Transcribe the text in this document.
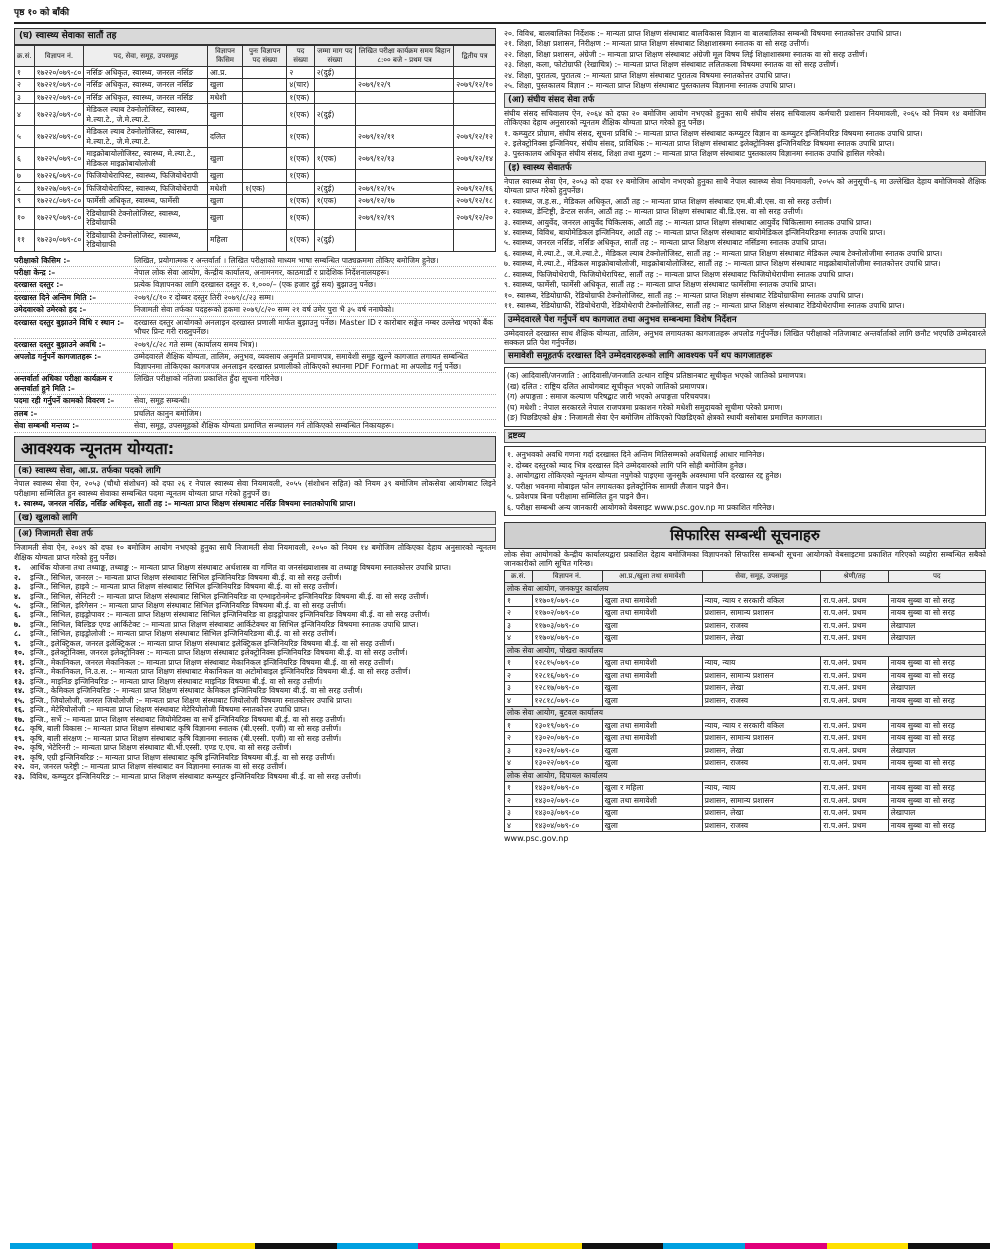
पृष्ठ १० को बाँकी
(घ) स्वास्थ्य सेवाका सातौं तह
क्र.सं.	विज्ञापन नं.	पद, सेवा, समूह, उपसमूह	विज्ञापन किसिम	पुनः विज्ञापन पद संख्या	पद संख्या	जम्मा माग पद संख्या	लिखित परीक्षा कार्यक्रम समय बिहान ८:०० बजे - प्रथम पत्र	द्वितीय पत्र
१	१७२२०/०७९-८०	नर्सिङ अधिकृत, स्वास्थ्य, जनरल नर्सिङ	आ.प्र.		२	२(दुई)		
२	१७२२१/०७९-८०	नर्सिङ अधिकृत, स्वास्थ्य, जनरल नर्सिङ	खुला		४(चार)		२०७९/१२/९	२०७९/१२/१०
३	१७२२२/०७९-८०	नर्सिङ अधिकृत, स्वास्थ्य, जनरल नर्सिङ	मधेशी		१(एक)			
४	१७२२३/०७९-८०	मेडिकल ल्याब टेक्नोलोजिस्ट, स्वास्थ्य, मे.ल्या.टे., जे.मे.ल्या.टे.	खुला		१(एक)	२(दुई)		
५	१७२२४/०७९-८०	मेडिकल ल्याब टेक्नोलोजिस्ट, स्वास्थ्य, मे.ल्या.टे., जे.मे.ल्या.टे.	दलित		१(एक)		२०७९/१२/११	२०७९/१२/१२
६	१७२२५/०७९-८०	माइक्रोबायोलोजिस्ट, स्वास्थ्य, मे.ल्या.टे., मेडिकल माइक्रोबायोलोजी	खुला		१(एक)	१(एक)	२०७९/१२/१३	२०७९/१२/१४
७	१७२२६/०७९-८०	फिजियोथेरापिस्ट, स्वास्थ्य, फिजियोथेरापी	खुला		१(एक)			
८	१७२२७/०७९-८०	फिजियोथेरापिस्ट, स्वास्थ्य, फिजियोथेरापी	मधेशी	१(एक)		२(दुई)	२०७९/१२/१५	२०७९/१२/१६
९	१७२२८/०७९-८०	फार्मेसी अधिकृत, स्वास्थ्य, फार्मेसी	खुला		१(एक)	१(एक)	२०७९/१२/१७	२०७९/१२/१८
१०	१७२२९/०७९-८०	रेडियोग्राफी टेक्नोलोजिस्ट, स्वास्थ्य, रेडियोग्राफी	खुला		१(एक)		२०७९/१२/१९	२०७९/१२/२०
११	१७२३०/०७९-८०	रेडियोग्राफी टेक्नोलोजिस्ट, स्वास्थ्य, रेडियोग्राफी	महिला		१(एक)	२(दुई)		
परीक्षाको किसिम :–	लिखित, प्रयोगात्मक र अन्तर्वार्ता । लिखित परीक्षाको माध्यम भाषा सम्बन्धित पाठ्यक्रममा तोकिए बमोजिम हुनेछ।
परीक्षा केन्द्र :–	नेपाल लोक सेवा आयोग, केन्द्रीय कार्यालय, अनामनगर, काठमाडौं र प्रादेशिक निर्देशनालयहरू।
दरखास्त दस्तुर :–	प्रत्येक विज्ञापनका लागि दरखास्त दस्तुर रु. १,०००/– (एक हजार दुई सय) बुझाउनु पर्नेछ।
दरखास्त दिने अन्तिम मिति :–	२०७९/८/१० र दोब्बर दस्तुर तिरी २०७९/८/२३ सम्म।
उमेदवारको उमेरको हद :–	निजामती सेवा तर्फका पदहरूको हकमा २०७९/८/२० सम्म २१ वर्ष उमेर पुरा भै ३५ वर्ष ननाघेको।
दरखास्त दस्तुर बुझाउने विधि र स्थान :–	दरखास्त दस्तुर आयोगको अनलाइन दरखास्त प्रणाली मार्फत बुझाउनु पर्नेछ। Master ID र कारोबार सङ्केत नम्बर उल्लेख भएको बैंक भौचर प्रिन्ट गरी राख्नुपर्नेछ।
दरखास्त दस्तुर बुझाउने अवधि :–	२०७९/८/२८ गते सम्म (कार्यालय समय भित्र)।
अपलोड गर्नुपर्ने कागजातहरू :–	उम्मेदवारले शैक्षिक योग्यता, तालिम, अनुभव, व्यवसाय अनुमति प्रमाणपत्र, समावेशी समूह खुल्ने कागजात लगायत सम्बन्धित विज्ञापनमा तोकिएका कागजपत्र अनलाइन दरखास्त प्रणालीको तोकिएको स्थानमा PDF Format मा अपलोड गर्नु पर्नेछ।
अन्तर्वार्ता अधिका परीक्षा कार्यक्रम र अन्तर्वार्ता हुने मिति :–
लिखित परीक्षाको नतिजा प्रकाशित हुँदा सूचना गरिनेछ।
पदमा रही गर्नुपर्ने कामको विवरण :–	सेवा, समूह सम्बन्धी।
तलब :–	प्रचलित कानुन बमोजिम।
सेवा सम्बन्धी मन्तव्य :–	सेवा, समूह, उपसमूहको शैक्षिक योग्यता प्रमाणित सञ्चालन गर्न तोकिएको सम्बन्धित निकायहरू।
आवश्यक न्यूनतम योग्यता:
(क) स्वास्थ्य सेवा, आ.प्र. तर्फका पदको लागि

नेपाल स्वास्थ्य सेवा ऐन, २०५३ (चौथो संशोधन) को दफा २६ र नेपाल स्वास्थ्य सेवा नियमावली, २०५५ (संशोधन सहित) को नियम ३९ बमोजिम लोकसेवा आयोगबाट लिइने परीक्षामा सम्मिलित हुन स्वास्थ्य सेवाका सम्बन्धित पदमा न्यूनतम योग्यता प्राप्त गरेको हुनुपर्ने छ।

१. स्वास्थ्य, जनरल नर्सिङ, नर्सिङ अधिकृत, सातौं तह :– मान्यता प्राप्त शिक्षण संस्थाबाट नर्सिङ विषयमा स्नातकोपाधि प्राप्त।

(ख) खुलाको लागि
(अ) निजामती सेवा तर्फ

निजामती सेवा ऐन, २०४९ को दफा १० बमोजिम आयोग नभएको हुनुका साथै निजामती सेवा नियमावली, २०५० को नियम १४ बमोजिम तोकिएका देहाय अनुसारको न्यूनतम शैक्षिक योग्यता प्राप्त गरेको हुनु पर्नेछ।

१.	आर्थिक योजना तथा तथ्याङ्क, तथ्याङ्क :– मान्यता प्राप्त शिक्षण संस्थाबाट अर्थशास्त्र वा गणित वा जनसंख्याशास्त्र वा तथ्याङ्क विषयमा स्नातकोत्तर उपाधि प्राप्त।
२.	इन्जि., सिभिल, जनरल :– मान्यता प्राप्त शिक्षण संस्थाबाट सिभिल इन्जिनियरिङ विषयमा बी.ई. वा सो सरह उत्तीर्ण।
३.	इन्जि., सिभिल, हाइवे :– मान्यता प्राप्त शिक्षण संस्थाबाट सिभिल इन्जिनियरिङ विषयमा बी.ई. वा सो सरह उत्तीर्ण।
४.	इन्जि., सिभिल, सेनिटरी :– मान्यता प्राप्त शिक्षण संस्थाबाट सिभिल इन्जिनियरिङ वा एन्भाइरोनमेन्ट इन्जिनियरिङ विषयमा बी.ई. वा सो सरह उत्तीर्ण।
५.	इन्जि., सिभिल, इरिगेसन :– मान्यता प्राप्त शिक्षण संस्थाबाट सिभिल इन्जिनियरिङ विषयमा बी.ई. वा सो सरह उत्तीर्ण।
६.	इन्जि., सिभिल, हाइड्रोपावर :– मान्यता प्राप्त शिक्षण संस्थाबाट सिभिल इन्जिनियरिङ वा हाइड्रोपावर इन्जिनियरिङ विषयमा बी.ई. वा सो सरह उत्तीर्ण।
७.	इन्जि., सिभिल, बिल्डिङ एण्ड आर्किटेक्ट :– मान्यता प्राप्त शिक्षण संस्थाबाट आर्किटेक्चर वा सिभिल इन्जिनियरिङ विषयमा स्नातक उपाधि प्राप्त।
८.	इन्जि., सिभिल, हाइड्रोलोजी :– मान्यता प्राप्त शिक्षण संस्थाबाट सिभिल इन्जिनियरिङमा बी.ई. वा सो सरह उत्तीर्ण।
९.	इन्जि., इलेक्ट्रिकल, जनरल इलेक्ट्रिकल :– मान्यता प्राप्त शिक्षण संस्थाबाट इलेक्ट्रिकल इन्जिनियरिङ विषयमा बी.ई. वा सो सरह उत्तीर्ण।
१०. इन्जि., इलेक्ट्रोनिक्स, जनरल इलेक्ट्रोनिक्स :– मान्यता प्राप्त शिक्षण संस्थाबाट इलेक्ट्रोनिक्स इन्जिनियरिङ विषयमा बी.ई. वा सो सरह उत्तीर्ण।
११. इन्जि., मेकानिकल, जनरल मेकानिकल :– मान्यता प्राप्त शिक्षण संस्थाबाट मेकानिकल इन्जिनियरिङ विषयमा बी.ई. वा सो सरह उत्तीर्ण।
१२. इन्जि., मेकानिकल, नि.उ.स. :– मान्यता प्राप्त शिक्षण संस्थाबाट मेकानिकल वा अटोमोबाइल इन्जिनियरिङ विषयमा बी.ई. वा सो सरह उत्तीर्ण।
१३. इन्जि., माइनिङ इन्जिनियरिङ :– मान्यता प्राप्त शिक्षण संस्थाबाट माइनिङ विषयमा बी.ई. वा सो सरह उत्तीर्ण।
१४. इन्जि., केमिकल इन्जिनियरिङ :– मान्यता प्राप्त शिक्षण संस्थाबाट केमिकल इन्जिनियरिङ विषयमा बी.ई. वा सो सरह उत्तीर्ण।
१५. इन्जि., जियोलोजी, जनरल जियोलोजी :– मान्यता प्राप्त शिक्षण संस्थाबाट जियोलोजी विषयमा स्नातकोत्तर उपाधि प्राप्त।
१६. इन्जि., मेटेरियोलोजी :– मान्यता प्राप्त शिक्षण संस्थाबाट मेटेरियोलोजी विषयमा स्नातकोत्तर उपाधि प्राप्त।
१७. इन्जि., सर्भे :– मान्यता प्राप्त शिक्षण संस्थाबाट जियोमेटिक्स वा सर्भे इन्जिनियरिङ विषयमा बी.ई. वा सो सरह उत्तीर्ण।
१८. कृषि, बाली विकास :– मान्यता प्राप्त शिक्षण संस्थाबाट कृषि विज्ञानमा स्नातक (बी.एस्सी. एजी) वा सो सरह उत्तीर्ण।
१९. कृषि, बाली संरक्षण :– मान्यता प्राप्त शिक्षण संस्थाबाट कृषि विज्ञानमा स्नातक (बी.एस्सी. एजी) वा सो सरह उत्तीर्ण।
२०. कृषि, भेटेरिनरी :– मान्यता प्राप्त शिक्षण संस्थाबाट बी.भी.एस्सी. एण्ड ए.एच. वा सो सरह उत्तीर्ण।
२१. कृषि, एग्री इन्जिनियरिङ :– मान्यता प्राप्त शिक्षण संस्थाबाट कृषि इन्जिनियरिङ विषयमा बी.ई. वा सो सरह उत्तीर्ण।
२२. वन, जनरल फरेष्ट्री :– मान्यता प्राप्त शिक्षण संस्थाबाट वन विज्ञानमा स्नातक वा सो सरह उत्तीर्ण।
२३. विविध, कम्प्युटर इन्जिनियरिङ :– मान्यता प्राप्त शिक्षण संस्थाबाट कम्प्युटर इन्जिनियरिङ विषयमा बी.ई. वा सो सरह उत्तीर्ण।

२०. विविध, बालबालिका निर्देशक :– मान्यता प्राप्त शिक्षण संस्थाबाट बालविकास विज्ञान वा बालबालिका सम्बन्धी विषयमा स्नातकोत्तर उपाधि प्राप्त।

२१. शिक्षा, शिक्षा प्रशासन, निरीक्षण :– मान्यता प्राप्त शिक्षण संस्थाबाट शिक्षाशास्त्रमा स्नातक वा सो सरह उत्तीर्ण।

२२. शिक्षा, शिक्षा प्रशासन, अंग्रेजी :– मान्यता प्राप्त शिक्षण संस्थाबाट अंग्रेजी मूल विषय लिई शिक्षाशास्त्रमा स्नातक वा सो सरह उत्तीर्ण।

२३. शिक्षा, कला, फोटोग्राफी (रेखाचित्र) :– मान्यता प्राप्त शिक्षण संस्थाबाट ललितकला विषयमा स्नातक वा सो सरह उत्तीर्ण।

२४. शिक्षा, पुरातत्व, पुरातत्व :– मान्यता प्राप्त शिक्षण संस्थाबाट पुरातत्व विषयमा स्नातकोत्तर उपाधि प्राप्त।

२५. शिक्षा, पुस्तकालय विज्ञान :– मान्यता प्राप्त शिक्षण संस्थाबाट पुस्तकालय विज्ञानमा स्नातक उपाधि प्राप्त।

(आ) संघीय संसद सेवा तर्फ

संघीय संसद सचिवालय ऐन, २०६४ को दफा २० बमोजिम आयोग नभएको हुनुका साथै संघीय संसद सचिवालय कर्मचारी प्रशासन नियमावली, २०६५ को नियम १४ बमोजिम तोकिएका देहाय अनुसारको न्यूनतम शैक्षिक योग्यता प्राप्त गरेको हुनु पर्नेछ।

१. कम्प्युटर प्रोग्राम, संघीय संसद, सूचना प्रविधि :– मान्यता प्राप्त शिक्षण संस्थाबाट कम्प्युटर विज्ञान वा कम्प्युटर इन्जिनियरिङ विषयमा स्नातक उपाधि प्राप्त।

२. इलेक्ट्रोनिक्स इन्जिनियर, संघीय संसद, प्राविधिक :– मान्यता प्राप्त शिक्षण संस्थाबाट इलेक्ट्रोनिक्स इन्जिनियरिङ विषयमा स्नातक उपाधि प्राप्त।

३. पुस्तकालय अधिकृत संघीय संसद, शिक्षा तथा मुद्रण :– मान्यता प्राप्त शिक्षण संस्थाबाट पुस्तकालय विज्ञानमा स्नातक उपाधि हासिल गरेको।

(इ) स्वास्थ्य सेवातर्फ

नेपाल स्वास्थ्य सेवा ऐन, २०५३ को दफा १२ बमोजिम आयोग नभएको हुनुका साथै नेपाल स्वास्थ्य सेवा नियमावली, २०५५ को अनुसूची–६ मा उल्लेखित देहाय बमोजिमको शैक्षिक योग्यता प्राप्त गरेको हुनुपर्नेछ।

१. स्वास्थ्य, ज.ह.स., मेडिकल अधिकृत, आठौं तह :– मान्यता प्राप्त शिक्षण संस्थाबाट एम.बी.बी.एस. वा सो सरह उत्तीर्ण।

२. स्वास्थ्य, डेन्टिष्ट्री, डेन्टल सर्जन, आठौं तह :– मान्यता प्राप्त शिक्षण संस्थाबाट बी.डि.एस. वा सो सरह उत्तीर्ण।

३. स्वास्थ्य, आयुर्वेद, जनरल आयुर्वेद चिकित्सक, आठौं तह :– मान्यता प्राप्त शिक्षण संस्थाबाट आयुर्वेद चिकित्सामा स्नातक उपाधि प्राप्त।

४. स्वास्थ्य, विविध, बायोमेडिकल इन्जिनियर, आठौं तह :– मान्यता प्राप्त शिक्षण संस्थाबाट बायोमेडिकल इन्जिनियरिङमा स्नातक उपाधि प्राप्त।

५. स्वास्थ्य, जनरल नर्सिङ, नर्सिङ अधिकृत, सातौं तह :– मान्यता प्राप्त शिक्षण संस्थाबाट नर्सिङमा स्नातक उपाधि प्राप्त।

६. स्वास्थ्य, मे.ल्या.टे., ज.मे.ल्या.टे., मेडिकल ल्याब टेक्नोलोजिस्ट, सातौं तह :– मान्यता प्राप्त शिक्षण संस्थाबाट मेडिकल ल्याब टेक्नोलोजीमा स्नातक उपाधि प्राप्त।

७. स्वास्थ्य, मे.ल्या.टे., मेडिकल माइक्रोबायोलोजी, माइक्रोबायोलोजिस्ट, सातौं तह :– मान्यता प्राप्त शिक्षण संस्थाबाट माइक्रोबायोलोजीमा स्नातकोत्तर उपाधि प्राप्त।

८. स्वास्थ्य, फिजियोथेरापी, फिजियोथेरापिस्ट, सातौं तह :– मान्यता प्राप्त शिक्षण संस्थाबाट फिजियोथेरापीमा स्नातक उपाधि प्राप्त।

९. स्वास्थ्य, फार्मेसी, फार्मेसी अधिकृत, सातौं तह :– मान्यता प्राप्त शिक्षण संस्थाबाट फार्मेसीमा स्नातक उपाधि प्राप्त।

१०. स्वास्थ्य, रेडियोग्राफी, रेडियोग्राफी टेक्नोलोजिस्ट, सातौं तह :– मान्यता प्राप्त शिक्षण संस्थाबाट रेडियोग्राफीमा स्नातक उपाधि प्राप्त।

११. स्वास्थ्य, रेडियोग्राफी, रेडियोथेरापी, रेडियोथेरापी टेक्नोलोजिस्ट, सातौं तह :– मान्यता प्राप्त शिक्षण संस्थाबाट रेडियोथेरापीमा स्नातक उपाधि प्राप्त।

उम्मेदवारले पेश गर्नुपर्ने थप कागजात तथा अनुभव सम्बन्धमा विशेष निर्देशन

उम्मेदवारले दरखास्त साथ शैक्षिक योग्यता, तालिम, अनुभव लगायतका कागजातहरू अपलोड गर्नुपर्नेछ। लिखित परीक्षाको नतिजाबाट अन्तर्वार्ताको लागि छनौट भएपछि उम्मेदवारले सक्कल प्रति पेश गर्नुपर्नेछ।

समावेशी समूहतर्फ दरखास्त दिने उम्मेदवारहरूको लागि आवश्यक पर्ने थप कागजातहरू

(क) आदिवासी/जनजाति : आदिवासी/जनजाति उत्थान राष्ट्रिय प्रतिष्ठानबाट सूचीकृत भएको जातिको प्रमाणपत्र।

(ख) दलित : राष्ट्रिय दलित आयोगबाट सूचीकृत भएको जातिको प्रमाणपत्र।

(ग) अपाङ्गता : समाज कल्याण परिषद्बाट जारी भएको अपाङ्गता परिचयपत्र।

(घ) मधेशी : नेपाल सरकारले नेपाल राजपत्रमा प्रकाशन गरेको मधेशी समुदायको सूचीमा परेको प्रमाण।

(ङ) पिछडिएको क्षेत्र : निजामती सेवा ऐन बमोजिम तोकिएको पिछडिएको क्षेत्रको स्थायी बसोबास प्रमाणित कागजात।

द्रष्टव्य

१. अनुभवको अवधि गणना गर्दा दरखास्त दिने अन्तिम मितिसम्मको अवधिलाई आधार मानिनेछ।

२. दोब्बर दस्तुरको म्याद भित्र दरखास्त दिने उम्मेदवारको लागि पनि सोही बमोजिम हुनेछ।

३. आयोगद्वारा तोकिएको न्यूनतम योग्यता नपुगेको पाइएमा जुनसुकै अवस्थामा पनि दरखास्त रद्द हुनेछ।

४. परीक्षा भवनमा मोबाइल फोन लगायतका इलेक्ट्रोनिक सामग्री लैजान पाइने छैन।

५. प्रवेशपत्र बिना परीक्षामा सम्मिलित हुन पाइने छैन।

६. परीक्षा सम्बन्धी अन्य जानकारी आयोगको वेबसाइट www.psc.gov.np मा प्रकाशित गरिनेछ।

सिफारिस सम्बन्धी सूचनाहरु

लोक सेवा आयोगको केन्द्रीय कार्यालयद्वारा प्रकाशित देहाय बमोजिमका विज्ञापनको सिफारिस सम्बन्धी सूचना आयोगको वेबसाइटमा प्रकाशित गरिएको व्यहोरा सम्बन्धित सबैको जानकारीको लागि सूचित गरिन्छ।

क्र.सं.	विज्ञापन नं.	आ.प्र./खुला तथा समावेशी	सेवा, समूह, उपसमूह	श्रेणी/तह	पद
लोक सेवा आयोग, जनकपुर कार्यालय					
१	११७०१/०७९-८०	खुला तथा समावेशी	न्याय, न्याय र सरकारी वकिल	रा.प.अनं. प्रथम	नायब सुब्बा वा सो सरह
२	११७०२/०७९-८०	खुला तथा समावेशी	प्रशासन, सामान्य प्रशासन	रा.प.अनं. प्रथम	नायब सुब्बा वा सो सरह
३	११७०३/०७९-८०	खुला	प्रशासन, राजस्व	रा.प.अनं. प्रथम	लेखापाल
४	११७०४/०७९-८०	खुला	प्रशासन, लेखा	रा.प.अनं. प्रथम	लेखापाल
लोक सेवा आयोग, पोखरा कार्यालय					
१	१२८१५/०७९-८०	खुला तथा समावेशी	न्याय, न्याय	रा.प.अनं. प्रथम	नायब सुब्बा वा सो सरह
२	१२८१६/०७९-८०	खुला तथा समावेशी	प्रशासन, सामान्य प्रशासन	रा.प.अनं. प्रथम	नायब सुब्बा वा सो सरह
३	१२८१७/०७९-८०	खुला	प्रशासन, लेखा	रा.प.अनं. प्रथम	लेखापाल
४	१२८१८/०७९-८०	खुला	प्रशासन, राजस्व	रा.प.अनं. प्रथम	नायब सुब्बा वा सो सरह
लोक सेवा आयोग, बुटवल कार्यालय					
१	१३०१९/०७९-८०	खुला तथा समावेशी	न्याय, न्याय र सरकारी वकिल	रा.प.अनं. प्रथम	नायब सुब्बा वा सो सरह
२	१३०२०/०७९-८०	खुला तथा समावेशी	प्रशासन, सामान्य प्रशासन	रा.प.अनं. प्रथम	नायब सुब्बा वा सो सरह
३	१३०२१/०७९-८०	खुला	प्रशासन, लेखा	रा.प.अनं. प्रथम	लेखापाल
४	१३०२२/०७९-८०	खुला	प्रशासन, राजस्व	रा.प.अनं. प्रथम	नायब सुब्बा वा सो सरह
लोक सेवा आयोग, दिपायल कार्यालय					
१	१४३०१/०७९-८०	खुला र महिला	न्याय, न्याय	रा.प.अनं. प्रथम	नायब सुब्बा वा सो सरह
२	१४३०२/०७९-८०	खुला तथा समावेशी	प्रशासन, सामान्य प्रशासन	रा.प.अनं. प्रथम	नायब सुब्बा वा सो सरह
३	१४३०३/०७९-८०	खुला	प्रशासन, लेखा	रा.प.अनं. प्रथम	लेखापाल
४	१४३०४/०७९-८०	खुला	प्रशासन, राजस्व	रा.प.अनं. प्रथम	नायब सुब्बा वा सो सरह
www.psc.gov.np
